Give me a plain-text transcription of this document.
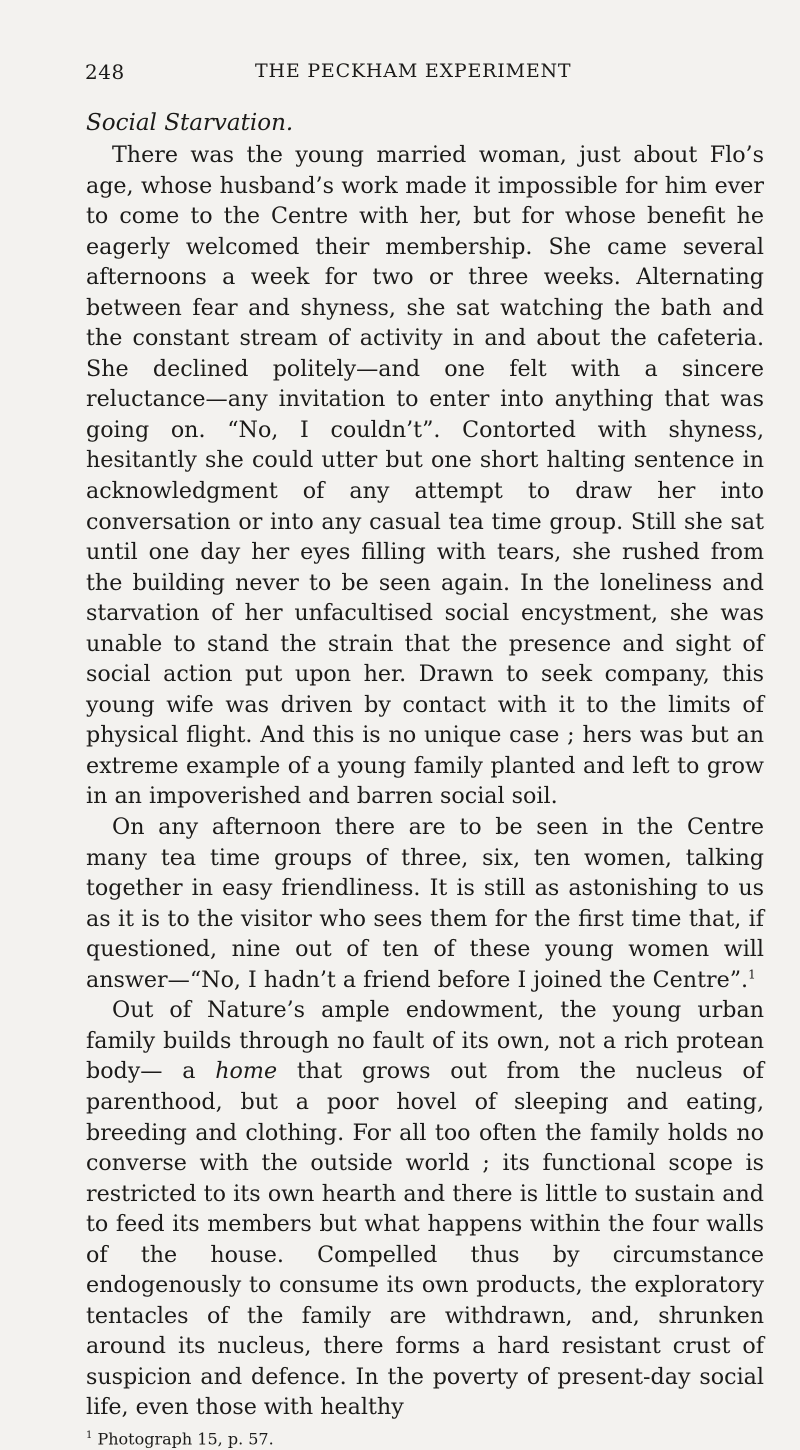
248	THE PECKHAM EXPERIMENT
Social Starvation.

There was the young married woman, just about Flo’s age, whose husband’s work made it impossible for him ever to come to the Centre with her, but for whose benefit he eagerly welcomed their membership. She came several afternoons a week for two or three weeks. Alternating between fear and shyness, she sat watching the bath and the constant stream of activity in and about the cafeteria. She declined politely—and one felt with a sincere reluctance—any invitation to enter into anything that was going on. “No, I couldn’t”. Contorted with shyness, hesitantly she could utter but one short halting sentence in acknowledgment of any attempt to draw her into conversation or into any casual tea time group. Still she sat until one day her eyes filling with tears, she rushed from the building never to be seen again. In the loneliness and starvation of her unfacultised social encystment, she was unable to stand the strain that the presence and sight of social action put upon her. Drawn to seek company, this young wife was driven by contact with it to the limits of physical flight. And this is no unique case ; hers was but an extreme example of a young family planted and left to grow in an impoverished and barren social soil.

On any afternoon there are to be seen in the Centre many tea time groups of three, six, ten women, talking together in easy friendliness. It is still as astonishing to us as it is to the visitor who sees them for the first time that, if questioned, nine out of ten of these young women will answer—“No, I hadn’t a friend before I joined the Centre”.$^1$

Out of Nature’s ample endowment, the young urban family builds through no fault of its own, not a rich protean body— a home that grows out from the nucleus of parenthood, but a poor hovel of sleeping and eating, breeding and clothing. For all too often the family holds no converse with the outside world ; its functional scope is restricted to its own hearth and there is little to sustain and to feed its members but what happens within the four walls of the house. Compelled thus by circumstance endogenously to consume its own products, the exploratory tentacles of the family are withdrawn, and, shrunken around its nucleus, there forms a hard resistant crust of suspicion and defence. In the poverty of present-day social life, even those with healthy

$^1$ Photograph 15, p. 57.
